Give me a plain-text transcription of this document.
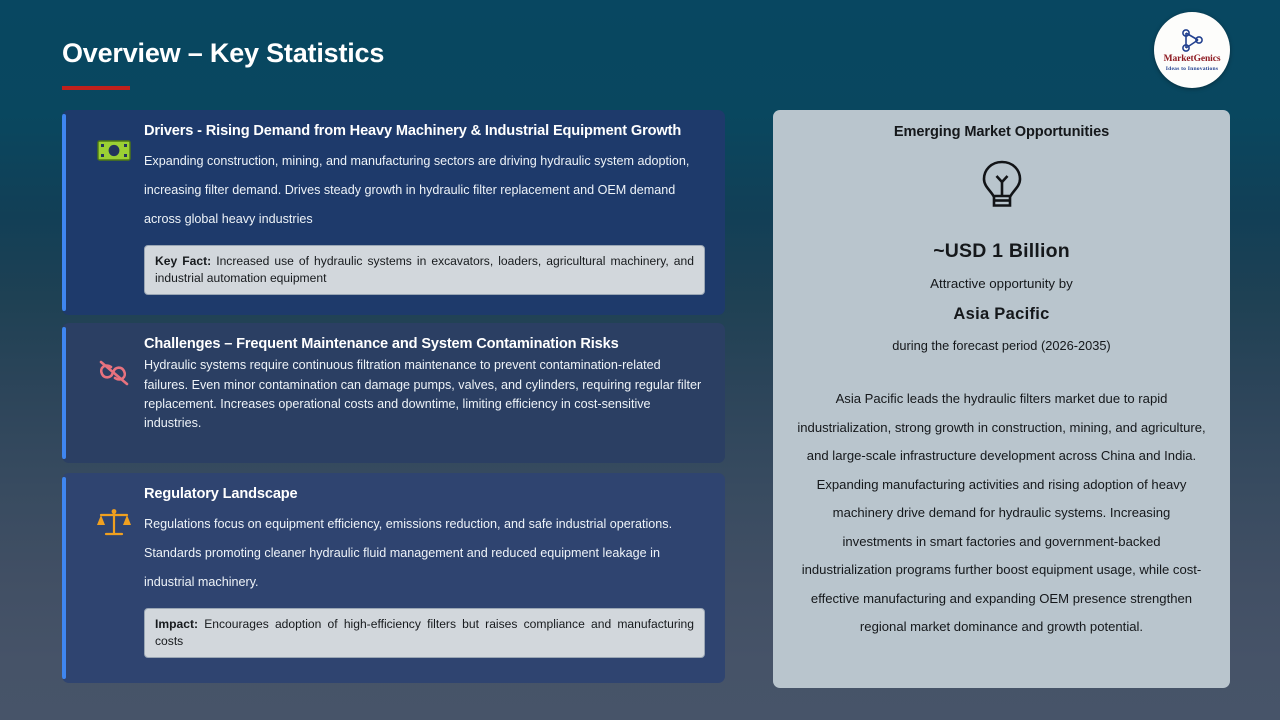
Overview – Key Statistics	MarketGenics
Ideas to Innovations
Drivers - Rising Demand from Heavy Machinery & Industrial Equipment Growth
Expanding construction, mining, and manufacturing sectors are driving hydraulic system adoption, increasing filter demand. Drives steady growth in hydraulic filter replacement and OEM demand across global heavy industries
Key Fact: Increased use of hydraulic systems in excavators, loaders, agricultural machinery, and industrial automation equipment
Challenges – Frequent Maintenance and System Contamination Risks
Hydraulic systems require continuous filtration maintenance to prevent contamination-related failures. Even minor contamination can damage pumps, valves, and cylinders, requiring regular filter replacement. Increases operational costs and downtime, limiting efficiency in cost-sensitive industries.
Regulatory Landscape
Regulations focus on equipment efficiency, emissions reduction, and safe industrial operations. Standards promoting cleaner hydraulic fluid management and reduced equipment leakage in industrial machinery.
Impact: Encourages adoption of high-efficiency filters but raises compliance and manufacturing costs
Emerging Market Opportunities
~USD 1 Billion
Attractive opportunity by
Asia Pacific
during the forecast period (2026-2035)
Asia Pacific leads the hydraulic filters market due to rapid industrialization, strong growth in construction, mining, and agriculture, and large-scale infrastructure development across China and India. Expanding manufacturing activities and rising adoption of heavy machinery drive demand for hydraulic systems. Increasing investments in smart factories and government-backed industrialization programs further boost equipment usage, while cost-effective manufacturing and expanding OEM presence strengthen regional market dominance and growth potential.
